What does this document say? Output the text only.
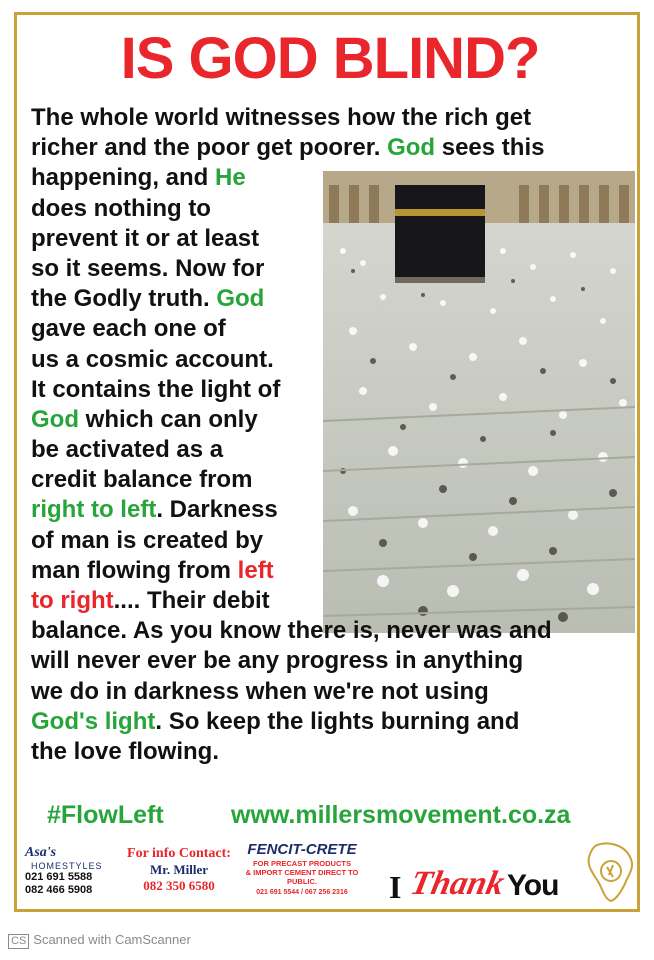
IS GOD BLIND?
The whole world witnesses how the rich get
richer and the poor get poorer. God sees this
happening, and He
does nothing to
prevent it or at least
so it seems. Now for
the Godly truth. God
gave each one of
us a cosmic account.
It contains the light of
God which can only
be activated as a
credit balance from
right to left. Darkness
of man is created by
man flowing from left
to right.... Their debit
balance. As you know there is, never was and
will never ever be any progress in anything
we do in darkness when we're not using
God's light. So keep the lights burning and
the love flowing.
#FlowLeft	www.millersmovement.co.za
Asa's
HOMESTYLES
021 691 5588
082 466 5908
For info Contact:
Mr. Miller
082 350 6580
FENCIT-CRETE
FOR PRECAST PRODUCTS
& IMPORT CEMENT DIRECT TO PUBLIC.
021 691 5544 / 067 256 2316	I Thank You
CS Scanned with CamScanner
